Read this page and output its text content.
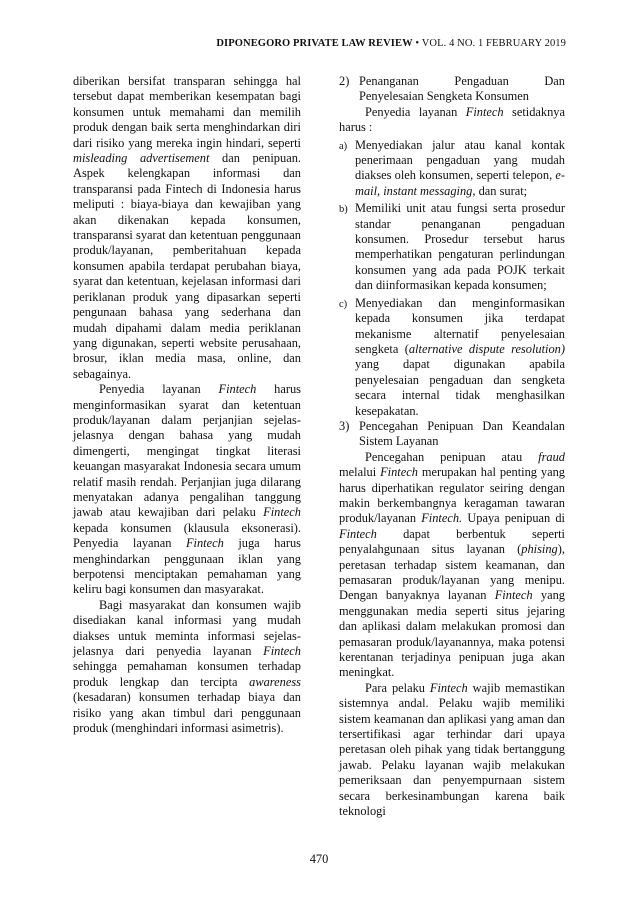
DIPONEGORO PRIVATE LAW REVIEW • VOL. 4 NO. 1 FEBRUARY 2019

diberikan bersifat transparan sehingga hal tersebut dapat memberikan kesempatan bagi konsumen untuk memahami dan memilih produk dengan baik serta menghindarkan diri dari risiko yang mereka ingin hindari, seperti misleading advertisement dan penipuan. Aspek kelengkapan informasi dan transparansi pada Fintech di Indonesia harus meliputi : biaya-biaya dan kewajiban yang akan dikenakan kepada konsumen, transparansi syarat dan ketentuan penggunaan produk/layanan, pemberitahuan kepada konsumen apabila terdapat perubahan biaya, syarat dan ketentuan, kejelasan informasi dari periklanan produk yang dipasarkan seperti pengunaan bahasa yang sederhana dan mudah dipahami dalam media periklanan yang digunakan, seperti website perusahaan, brosur, iklan media masa, online, dan sebagainya.

Penyedia layanan Fintech harus menginformasikan syarat dan ketentuan produk/layanan dalam perjanjian sejelas-jelasnya dengan bahasa yang mudah dimengerti, mengingat tingkat literasi keuangan masyarakat Indonesia secara umum relatif masih rendah. Perjanjian juga dilarang menyatakan adanya pengalihan tanggung jawab atau kewajiban dari pelaku Fintech kepada konsumen (klausula eksonerasi). Penyedia layanan Fintech juga harus menghindarkan penggunaan iklan yang berpotensi menciptakan pemahaman yang keliru bagi konsumen dan masyarakat.

Bagi masyarakat dan konsumen wajib disediakan kanal informasi yang mudah diakses untuk meminta informasi sejelas-jelasnya dari penyedia layanan Fintech sehingga pemahaman konsumen terhadap produk lengkap dan tercipta awareness (kesadaran) konsumen terhadap biaya dan risiko yang akan timbul dari penggunaan produk (menghindari informasi asimetris).

2) Penanganan Pengaduan Dan Penyelesaian Sengketa Konsumen

Penyedia layanan Fintech setidaknya harus :

a) Menyediakan jalur atau kanal kontak penerimaan pengaduan yang mudah diakses oleh konsumen, seperti telepon, e-mail, instant messaging, dan surat;
b) Memiliki unit atau fungsi serta prosedur standar penanganan pengaduan konsumen. Prosedur tersebut harus memperhatikan pengaturan perlindungan konsumen yang ada pada POJK terkait dan diinformasikan kepada konsumen;
c) Menyediakan dan menginformasikan kepada konsumen jika terdapat mekanisme alternatif penyelesaian sengketa (alternative dispute resolution) yang dapat digunakan apabila penyelesaian pengaduan dan sengketa secara internal tidak menghasilkan kesepakatan.
3) Pencegahan Penipuan Dan Keandalan Sistem Layanan

Pencegahan penipuan atau fraud melalui Fintech merupakan hal penting yang harus diperhatikan regulator seiring dengan makin berkembangnya keragaman tawaran produk/layanan Fintech. Upaya penipuan di Fintech dapat berbentuk seperti penyalahgunaan situs layanan (phising), peretasan terhadap sistem keamanan, dan pemasaran produk/layanan yang menipu. Dengan banyaknya layanan Fintech yang menggunakan media seperti situs jejaring dan aplikasi dalam melakukan promosi dan pemasaran produk/layanannya, maka potensi kerentanan terjadinya penipuan juga akan meningkat.

Para pelaku Fintech wajib memastikan sistemnya andal. Pelaku wajib memiliki sistem keamanan dan aplikasi yang aman dan tersertifikasi agar terhindar dari upaya peretasan oleh pihak yang tidak bertanggung jawab. Pelaku layanan wajib melakukan pemeriksaan dan penyempurnaan sistem secara berkesinambungan karena baik teknologi

470
